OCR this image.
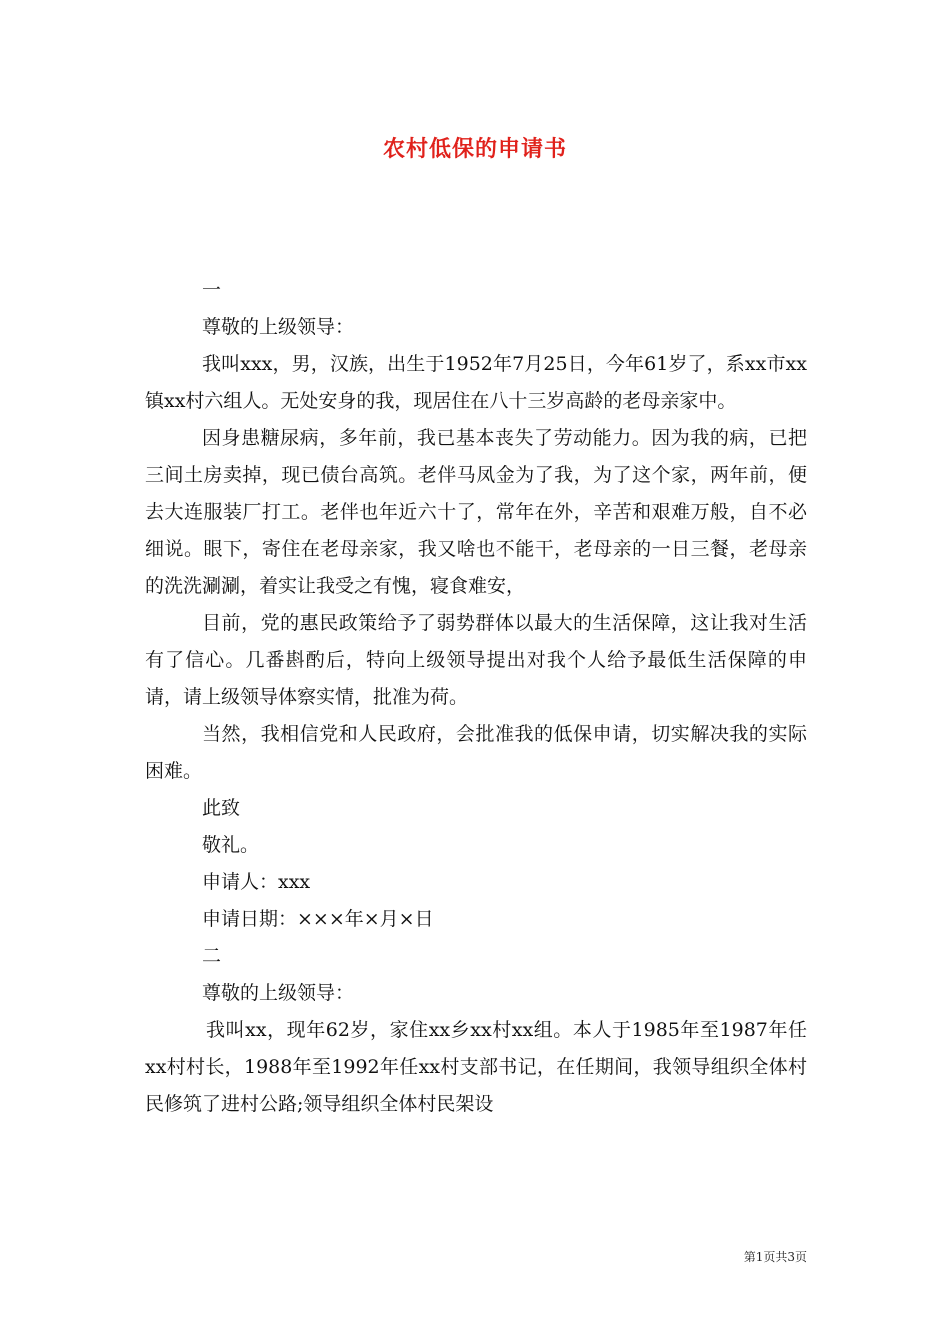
农村低保的申请书

一

尊敬的上级领导：

我叫xxx，男，汉族，出生于1952年7月25日，今年61岁了，系xx市xx镇xx村六组人。无处安身的我，现居住在八十三岁高龄的老母亲家中。

因身患糖尿病，多年前，我已基本丧失了劳动能力。因为我的病，已把三间土房卖掉，现已债台高筑。老伴马凤金为了我，为了这个家，两年前，便去大连服装厂打工。老伴也年近六十了，常年在外，辛苦和艰难万般，自不必细说。眼下，寄住在老母亲家，我又啥也不能干，老母亲的一日三餐，老母亲的洗洗涮涮，着实让我受之有愧，寝食难安，

目前，党的惠民政策给予了弱势群体以最大的生活保障，这让我对生活有了信心。几番斟酌后，特向上级领导提出对我个人给予最低生活保障的申请，请上级领导体察实情，批准为荷。

当然，我相信党和人民政府，会批准我的低保申请，切实解决我的实际困难。

此致

敬礼。

申请人：xxx

申请日期：×××年×月×日

二

尊敬的上级领导：

我叫xx，现年62岁，家住xx乡xx村xx组。本人于1985年至1987年任xx村村长，1988年至1992年任xx村支部书记，在任期间，我领导组织全体村民修筑了进村公路;领导组织全体村民架设

第1页共3页
